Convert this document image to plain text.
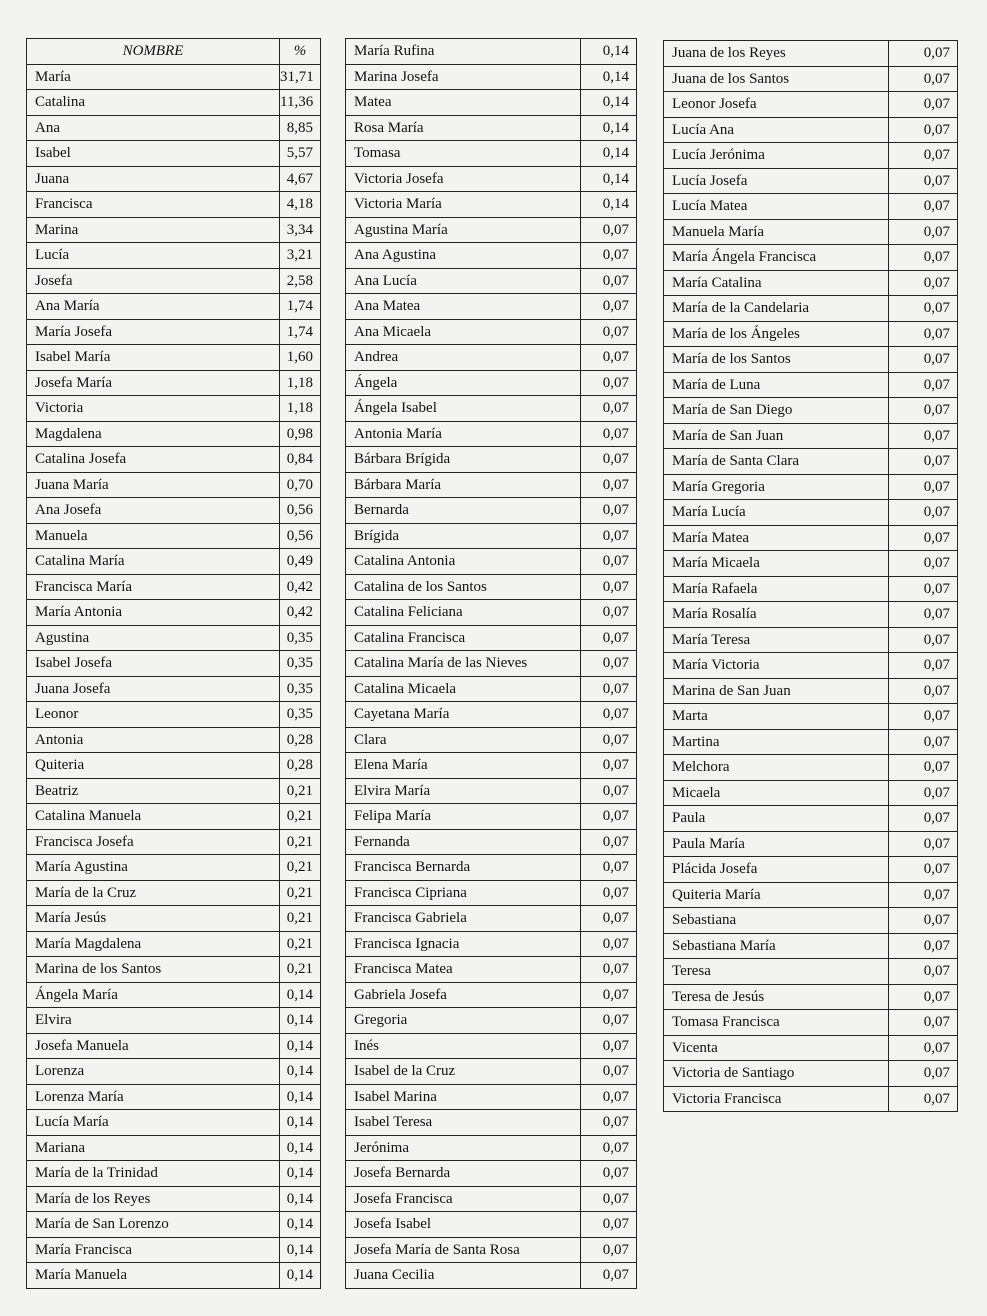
NOMBRE	%
María	31,71
Catalina	11,36
Ana	8,85
Isabel	5,57
Juana	4,67
Francisca	4,18
Marina	3,34
Lucía	3,21
Josefa	2,58
Ana María	1,74
María Josefa	1,74
Isabel María	1,60
Josefa María	1,18
Victoria	1,18
Magdalena	0,98
Catalina Josefa	0,84
Juana María	0,70
Ana Josefa	0,56
Manuela	0,56
Catalina María	0,49
Francisca María	0,42
María Antonia	0,42
Agustina	0,35
Isabel Josefa	0,35
Juana Josefa	0,35
Leonor	0,35
Antonia	0,28
Quiteria	0,28
Beatriz	0,21
Catalina Manuela	0,21
Francisca Josefa	0,21
María Agustina	0,21
María de la Cruz	0,21
María Jesús	0,21
María Magdalena	0,21
Marina de los Santos	0,21
Ángela María	0,14
Elvira	0,14
Josefa Manuela	0,14
Lorenza	0,14
Lorenza María	0,14
Lucía María	0,14
Mariana	0,14
María de la Trinidad	0,14
María de los Reyes	0,14
María de San Lorenzo	0,14
María Francisca	0,14
María Manuela	0,14
María Rufina	0,14
Marina Josefa	0,14
Matea	0,14
Rosa María	0,14
Tomasa	0,14
Victoria Josefa	0,14
Victoria María	0,14
Agustina María	0,07
Ana Agustina	0,07
Ana Lucía	0,07
Ana Matea	0,07
Ana Micaela	0,07
Andrea	0,07
Ángela	0,07
Ángela Isabel	0,07
Antonia María	0,07
Bárbara Brígida	0,07
Bárbara María	0,07
Bernarda	0,07
Brígida	0,07
Catalina Antonia	0,07
Catalina de los Santos	0,07
Catalina Feliciana	0,07
Catalina Francisca	0,07
Catalina María de las Nieves	0,07
Catalina Micaela	0,07
Cayetana María	0,07
Clara	0,07
Elena María	0,07
Elvira María	0,07
Felipa María	0,07
Fernanda	0,07
Francisca Bernarda	0,07
Francisca Cipriana	0,07
Francisca Gabriela	0,07
Francisca Ignacia	0,07
Francisca Matea	0,07
Gabriela Josefa	0,07
Gregoria	0,07
Inés	0,07
Isabel de la Cruz	0,07
Isabel Marina	0,07
Isabel Teresa	0,07
Jerónima	0,07
Josefa Bernarda	0,07
Josefa Francisca	0,07
Josefa Isabel	0,07
Josefa María de Santa Rosa	0,07
Juana Cecilia	0,07
Juana de los Reyes	0,07
Juana de los Santos	0,07
Leonor Josefa	0,07
Lucía Ana	0,07
Lucía Jerónima	0,07
Lucía Josefa	0,07
Lucía Matea	0,07
Manuela María	0,07
María Ángela Francisca	0,07
María Catalina	0,07
María de la Candelaria	0,07
María de los Ángeles	0,07
María de los Santos	0,07
María de Luna	0,07
María de San Diego	0,07
María de San Juan	0,07
María de Santa Clara	0,07
María Gregoria	0,07
María Lucía	0,07
María Matea	0,07
María Micaela	0,07
María Rafaela	0,07
María Rosalía	0,07
María Teresa	0,07
María Victoria	0,07
Marina de San Juan	0,07
Marta	0,07
Martina	0,07
Melchora	0,07
Micaela	0,07
Paula	0,07
Paula María	0,07
Plácida Josefa	0,07
Quiteria María	0,07
Sebastiana	0,07
Sebastiana María	0,07
Teresa	0,07
Teresa de Jesús	0,07
Tomasa Francisca	0,07
Vicenta	0,07
Victoria de Santiago	0,07
Victoria Francisca	0,07
